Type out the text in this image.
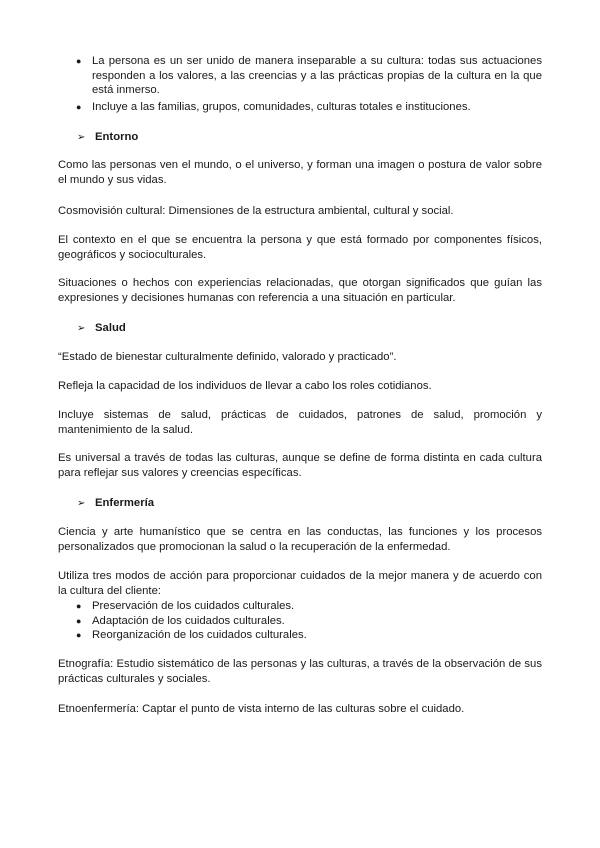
● La persona es un ser unido de manera inseparable a su cultura: todas sus actuaciones responden a los valores, a las creencias y a las prácticas propias de la cultura en la que está inmerso.
● Incluye a las familias, grupos, comunidades, culturas totales e instituciones.
➢ Entorno

Como las personas ven el mundo, o el universo, y forman una imagen o postura de valor sobre el mundo y sus vidas.

Cosmovisión cultural: Dimensiones de la estructura ambiental, cultural y social.

El contexto en el que se encuentra la persona y que está formado por componentes físicos, geográficos y socioculturales.

Situaciones o hechos con experiencias relacionadas, que otorgan significados que guían las expresiones y decisiones humanas con referencia a una situación en particular.

➢ Salud

“Estado de bienestar culturalmente definido, valorado y practicado”.

Refleja la capacidad de los individuos de llevar a cabo los roles cotidianos.

Incluye sistemas de salud, prácticas de cuidados, patrones de salud, promoción y mantenimiento de la salud.

Es universal a través de todas las culturas, aunque se define de forma distinta en cada cultura para reflejar sus valores y creencias específicas.

➢ Enfermería

Ciencia y arte humanístico que se centra en las conductas, las funciones y los procesos personalizados que promocionan la salud o la recuperación de la enfermedad.

Utiliza tres modos de acción para proporcionar cuidados de la mejor manera y de acuerdo con la cultura del cliente:

● Preservación de los cuidados culturales.
● Adaptación de los cuidados culturales.
● Reorganización de los cuidados culturales.

Etnografía: Estudio sistemático de las personas y las culturas, a través de la observación de sus prácticas culturales y sociales.

Etnoenfermería: Captar el punto de vista interno de las culturas sobre el cuidado.
